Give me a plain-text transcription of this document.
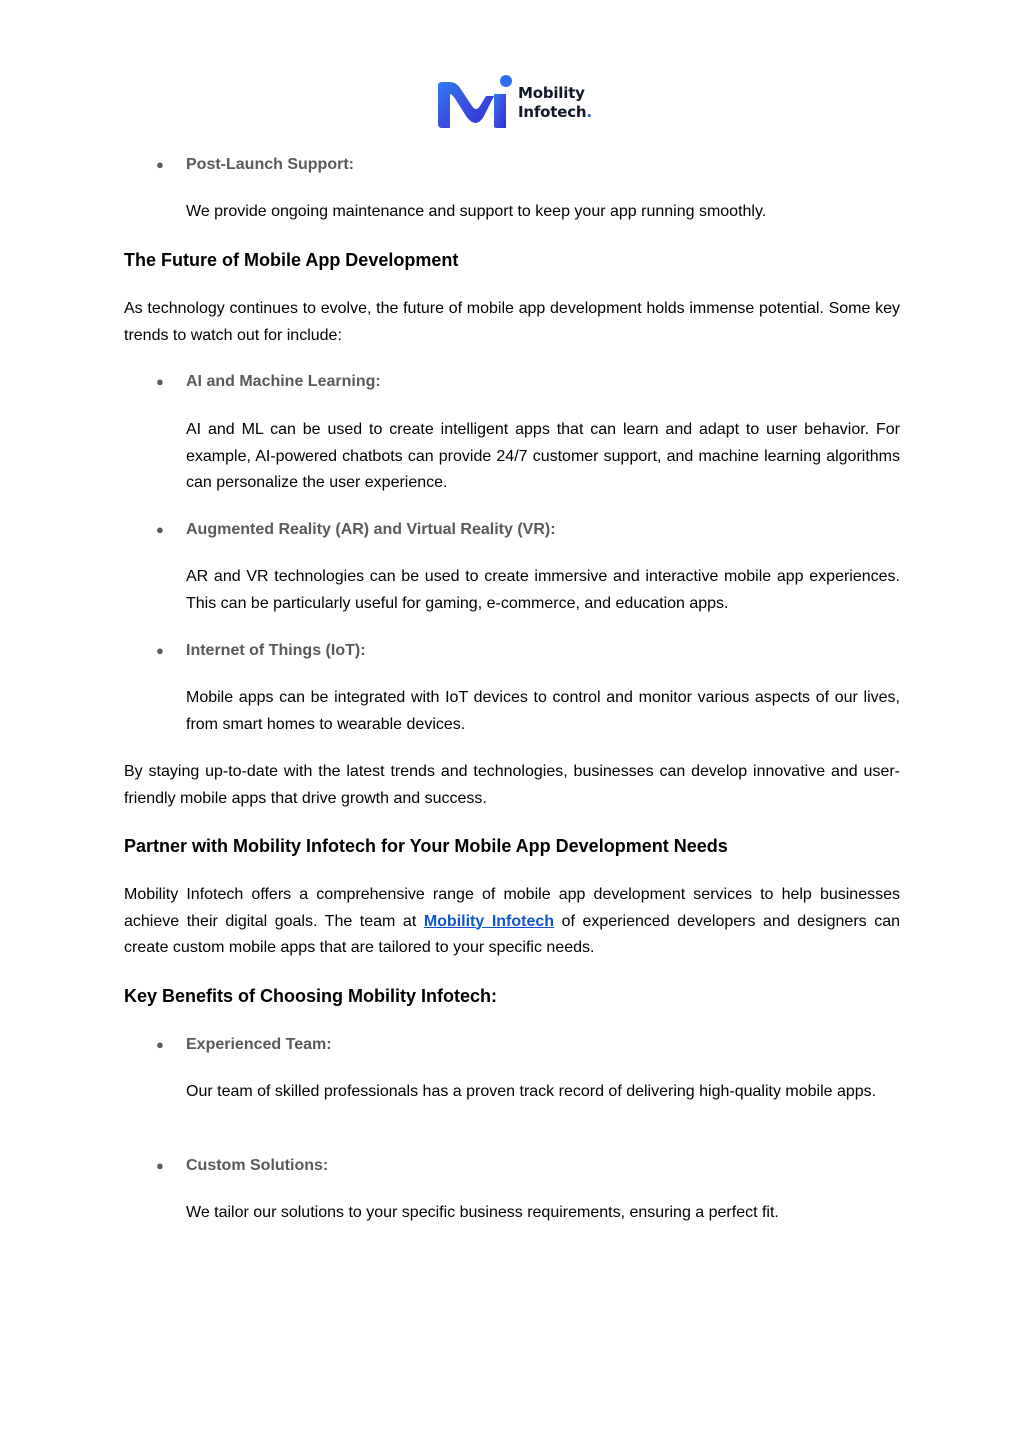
Mobility
Infotech.
● Post-Launch Support:

We provide ongoing maintenance and support to keep your app running smoothly.

The Future of Mobile App Development

As technology continues to evolve, the future of mobile app development holds immense potential. Some key trends to watch out for include:

● AI and Machine Learning:

AI and ML can be used to create intelligent apps that can learn and adapt to user behavior. For example, AI-powered chatbots can provide 24/7 customer support, and machine learning algorithms can personalize the user experience.

● Augmented Reality (AR) and Virtual Reality (VR):

AR and VR technologies can be used to create immersive and interactive mobile app experiences. This can be particularly useful for gaming, e-commerce, and education apps.

● Internet of Things (IoT):

Mobile apps can be integrated with IoT devices to control and monitor various aspects of our lives, from smart homes to wearable devices.

By staying up-to-date with the latest trends and technologies, businesses can develop innovative and user-friendly mobile apps that drive growth and success.

Partner with Mobility Infotech for Your Mobile App Development Needs

Mobility Infotech offers a comprehensive range of mobile app development services to help businesses achieve their digital goals. The team at Mobility Infotech of experienced developers and designers can create custom mobile apps that are tailored to your specific needs.

Key Benefits of Choosing Mobility Infotech:
● Experienced Team:

Our team of skilled professionals has a proven track record of delivering high-quality mobile apps.

● Custom Solutions:

We tailor our solutions to your specific business requirements, ensuring a perfect fit.
